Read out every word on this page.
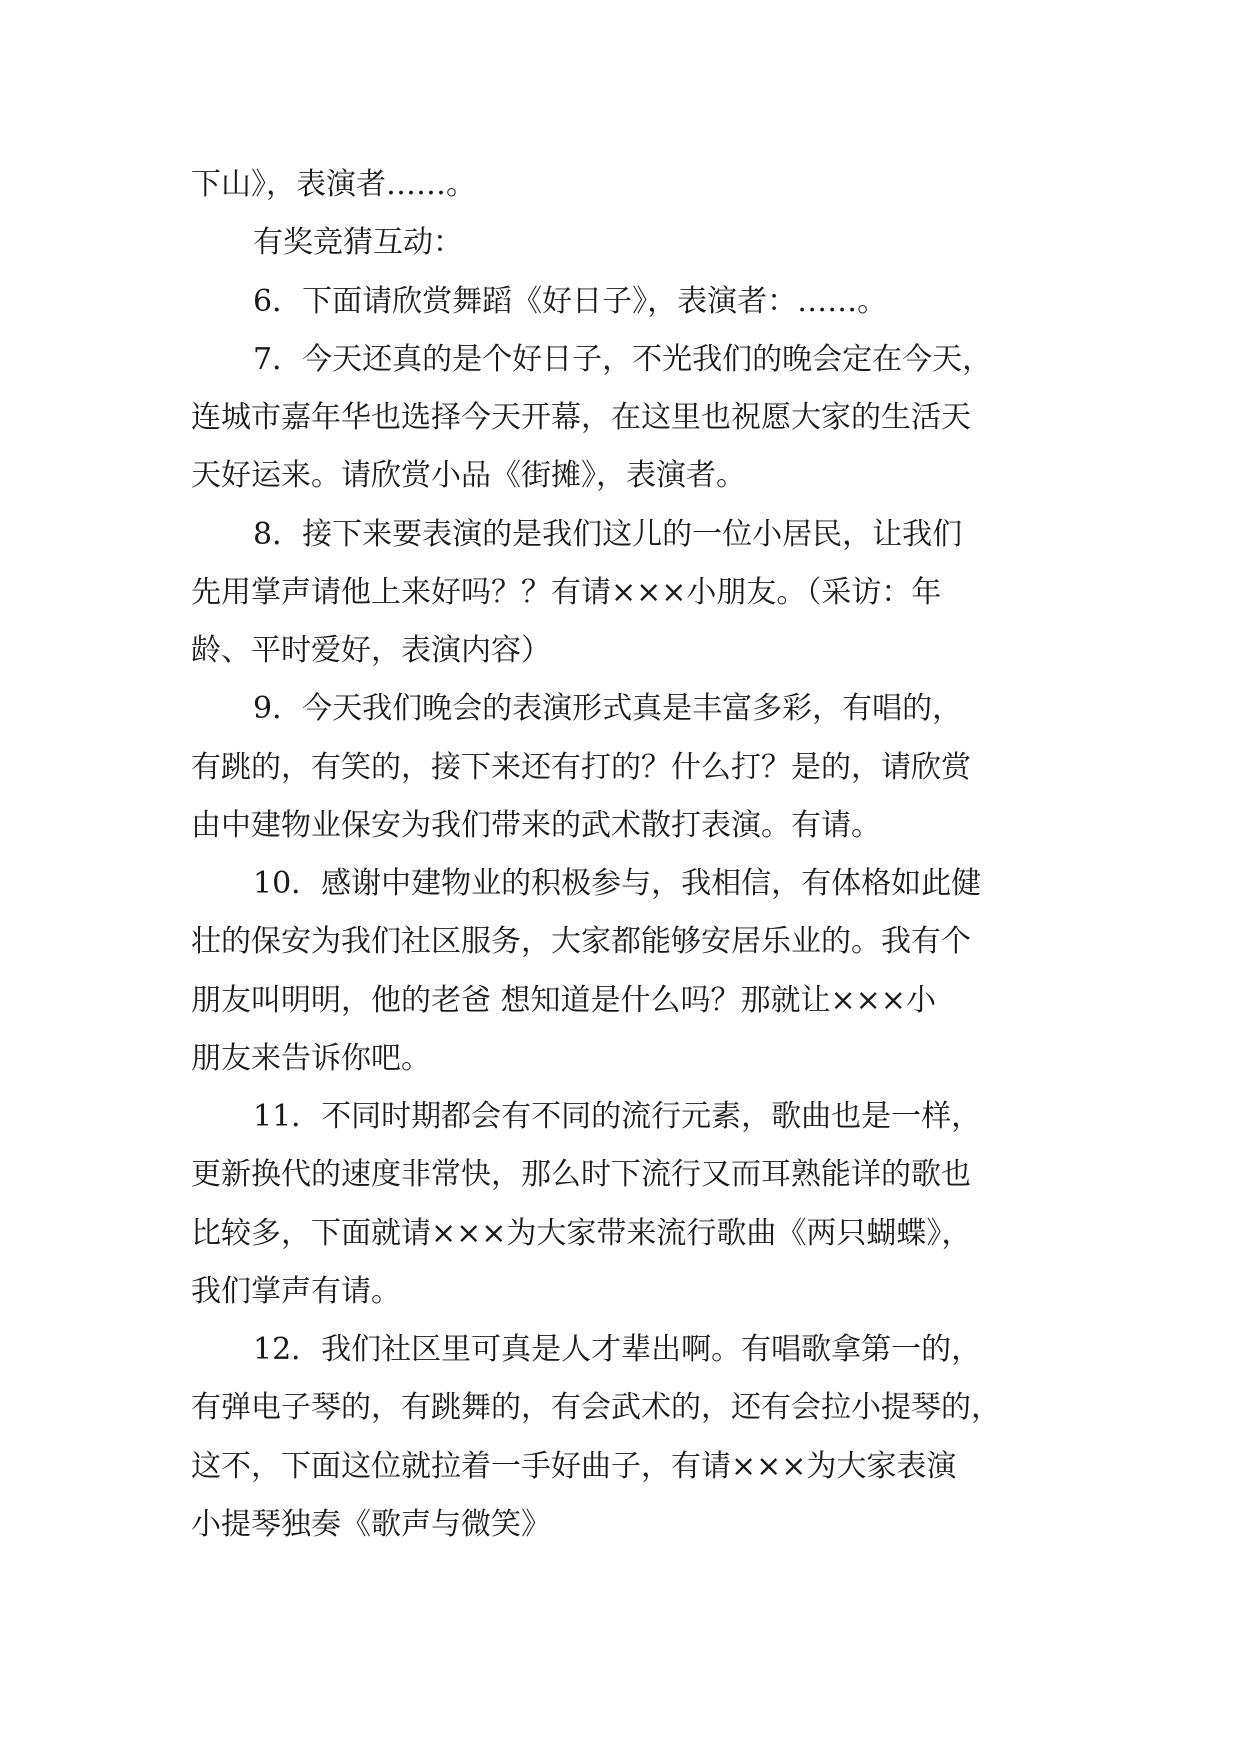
下山》，表演者……。
有奖竞猜互动：
6．下面请欣赏舞蹈《好日子》，表演者：……。
7．今天还真的是个好日子，不光我们的晚会定在今天，
连城市嘉年华也选择今天开幕，在这里也祝愿大家的生活天
天好运来。请欣赏小品《街摊》，表演者。
8．接下来要表演的是我们这儿的一位小居民，让我们
先用掌声请他上来好吗？？有请×××小朋友。（采访：年
龄、平时爱好，表演内容）
9．今天我们晚会的表演形式真是丰富多彩，有唱的，
有跳的，有笑的，接下来还有打的？什么打？是的，请欣赏
由中建物业保安为我们带来的武术散打表演。有请。
10．感谢中建物业的积极参与，我相信，有体格如此健
壮的保安为我们社区服务，大家都能够安居乐业的。我有个
朋友叫明明，他的老爸 想知道是什么吗？那就让×××小
朋友来告诉你吧。
11．不同时期都会有不同的流行元素，歌曲也是一样，
更新换代的速度非常快，那么时下流行又而耳熟能详的歌也
比较多，下面就请×××为大家带来流行歌曲《两只蝴蝶》，
我们掌声有请。
12．我们社区里可真是人才辈出啊。有唱歌拿第一的，
有弹电子琴的，有跳舞的，有会武术的，还有会拉小提琴的，
这不，下面这位就拉着一手好曲子，有请×××为大家表演
小提琴独奏《歌声与微笑》
